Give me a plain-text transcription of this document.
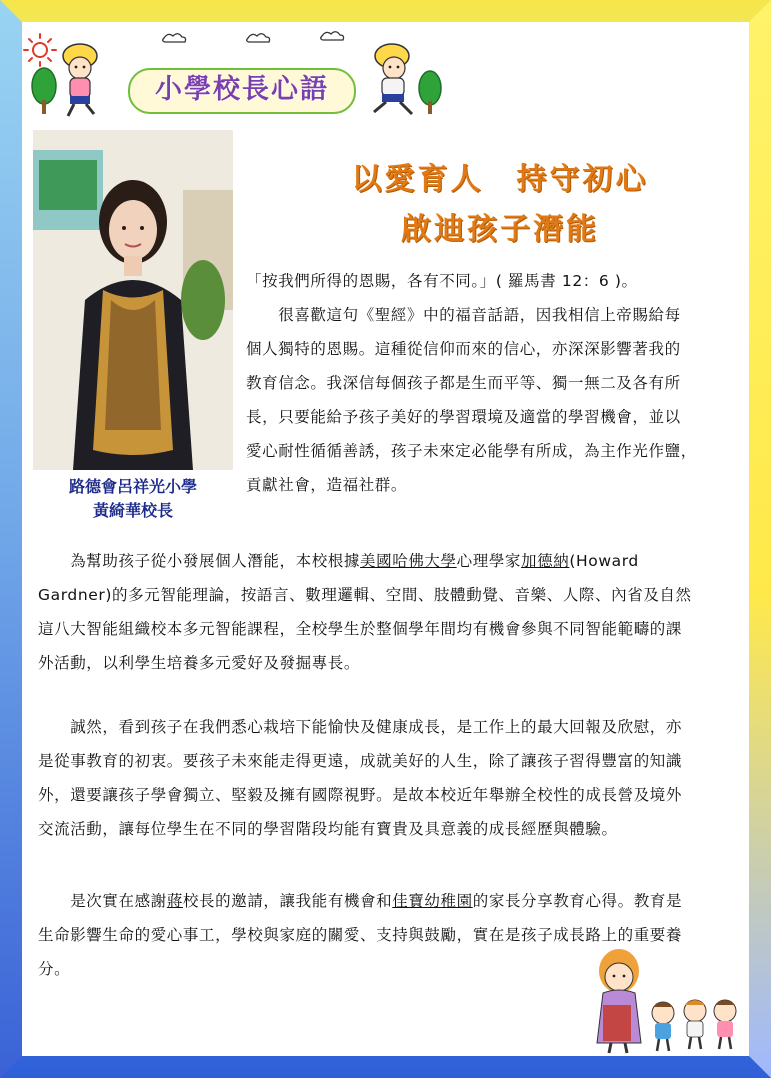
小學校長心語
路德會呂祥光小學
黃綺華校長
以愛育人　持守初心
啟迪孩子潛能
「按我們所得的恩賜，各有不同。」( 羅馬書 12：6 )。
　　很喜歡這句《聖經》中的福音話語，因我相信上帝賜給每
個人獨特的恩賜。這種從信仰而來的信心，亦深深影響著我的
教育信念。我深信每個孩子都是生而平等、獨一無二及各有所
長，只要能給予孩子美好的學習環境及適當的學習機會，並以
愛心耐性循循善誘，孩子未來定必能學有所成，為主作光作鹽，
貢獻社會，造福社群。
　　為幫助孩子從小發展個人潛能，本校根據美國哈佛大學心理學家加德納(Howard
Gardner)的多元智能理論，按語言、數理邏輯、空間、肢體動覺、音樂、人際、內省及自然
這八大智能組織校本多元智能課程，全校學生於整個學年間均有機會參與不同智能範疇的課
外活動，以利學生培養多元愛好及發掘專長。
　　誠然，看到孩子在我們悉心栽培下能愉快及健康成長，是工作上的最大回報及欣慰，亦
是從事教育的初衷。要孩子未來能走得更遠，成就美好的人生，除了讓孩子習得豐富的知識
外，還要讓孩子學會獨立、堅毅及擁有國際視野。是故本校近年舉辦全校性的成長營及境外
交流活動，讓每位學生在不同的學習階段均能有寶貴及具意義的成長經歷與體驗。
　　是次實在感謝蔣校長的邀請，讓我能有機會和佳寶幼稚園的家長分享教育心得。教育是
生命影響生命的愛心事工，學校與家庭的關愛、支持與鼓勵，實在是孩子成長路上的重要養
分。
